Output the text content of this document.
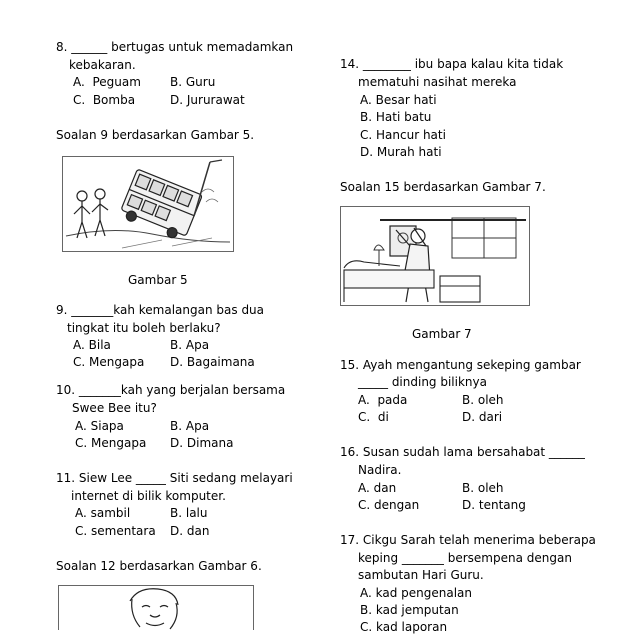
8. ______ bertugas untuk memadamkan
kebakaran.
A.  Peguam B. Guru
C.  Bomba	D. Jururawat
Soalan 9 berdasarkan Gambar 5.
Gambar 5
9. _______kah kemalangan bas dua
tingkat itu boleh berlaku?
A. Bila	B. Apa
C. Mengapa D. Bagaimana
10. _______kah yang berjalan bersama
Swee Bee itu?
A. Siapa	B. Apa
C. Mengapa D. Dimana
11. Siew Lee _____ Siti sedang melayari
internet di bilik komputer.
A. sambil	B. lalu
C. sementara D. dan
Soalan 12 berdasarkan Gambar 6.
14. ________ ibu bapa kalau kita tidak
mematuhi nasihat mereka
A. Besar hati
B. Hati batu
C. Hancur hati
D. Murah hati
Soalan 15 berdasarkan Gambar 7.
Gambar 7
15. Ayah mengantung sekeping gambar
_____ dinding biliknya
A.  pada	B. oleh
C.  di	D. dari
16. Susan sudah lama bersahabat ______
Nadira.
A. dan	B. oleh
C. dengan	D. tentang
17. Cikgu Sarah telah menerima beberapa
keping _______ bersempena dengan
sambutan Hari Guru.
A. kad pengenalan
B. kad jemputan
C. kad laporan
